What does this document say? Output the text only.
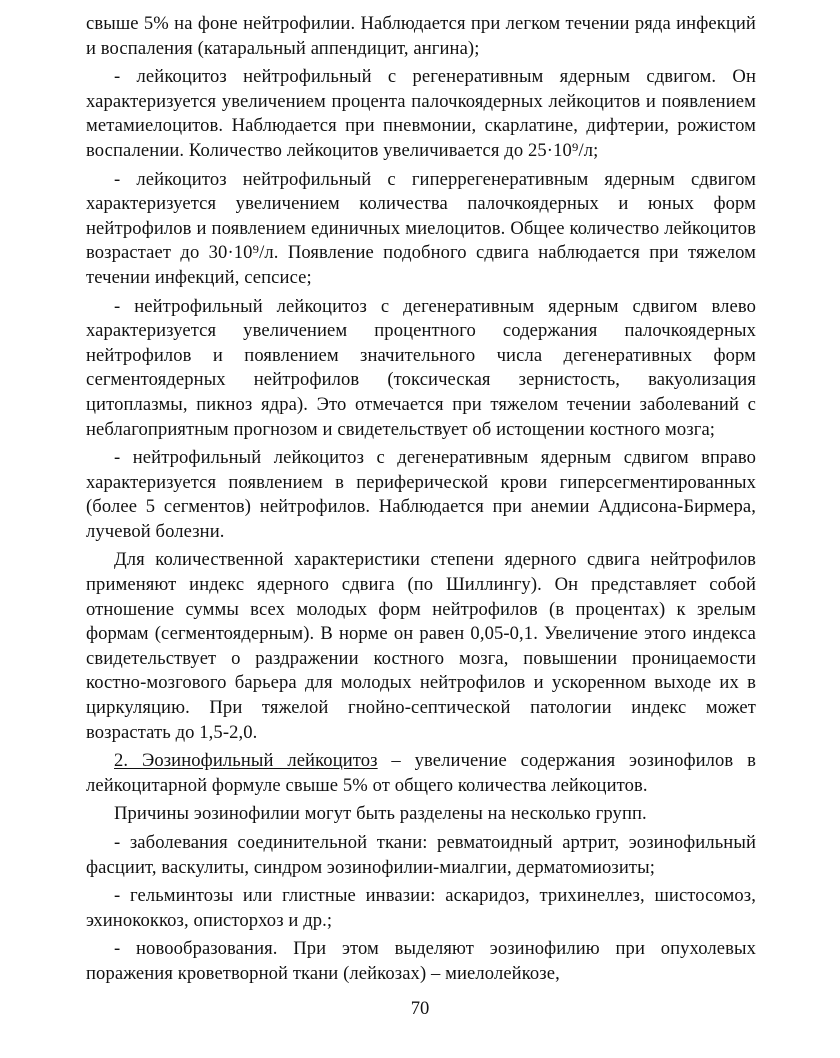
свыше 5% на фоне нейтрофилии. Наблюдается при легком течении ряда инфекций и воспаления (катаральный аппендицит, ангина);

- лейкоцитоз нейтрофильный с регенеративным ядерным сдвигом. Он характеризуется увеличением процента палочкоядерных лейкоцитов и появлением метамиелоцитов. Наблюдается при пневмонии, скарлатине, дифтерии, рожистом воспалении. Количество лейкоцитов увеличивается до 25·10⁹/л;

- лейкоцитоз нейтрофильный с гиперрегенеративным ядерным сдвигом характеризуется увеличением количества палочкоядерных и юных форм нейтрофилов и появлением единичных миелоцитов. Общее количество лейкоцитов возрастает до 30·10⁹/л. Появление подобного сдвига наблюдается при тяжелом течении инфекций, сепсисе;

- нейтрофильный лейкоцитоз с дегенеративным ядерным сдвигом влево характеризуется увеличением процентного содержания палочкоядерных нейтрофилов и появлением значительного числа дегенеративных форм сегментоядерных нейтрофилов (токсическая зернистость, вакуолизация цитоплазмы, пикноз ядра). Это отмечается при тяжелом течении заболеваний с неблагоприятным прогнозом и свидетельствует об истощении костного мозга;

- нейтрофильный лейкоцитоз с дегенеративным ядерным сдвигом вправо характеризуется появлением в периферической крови гиперсегментированных (более 5 сегментов) нейтрофилов. Наблюдается при анемии Аддисона-Бирмера, лучевой болезни.

Для количественной характеристики степени ядерного сдвига нейтрофилов применяют индекс ядерного сдвига (по Шиллингу). Он представляет собой отношение суммы всех молодых форм нейтрофилов (в процентах) к зрелым формам (сегментоядерным). В норме он равен 0,05-0,1. Увеличение этого индекса свидетельствует о раздражении костного мозга, повышении проницаемости костно-мозгового барьера для молодых нейтрофилов и ускоренном выходе их в циркуляцию. При тяжелой гнойно-септической патологии индекс может возрастать до 1,5-2,0.

2. Эозинофильный лейкоцитоз – увеличение содержания эозинофилов в лейкоцитарной формуле свыше 5% от общего количества лейкоцитов.

Причины эозинофилии могут быть разделены на несколько групп.

- заболевания соединительной ткани: ревматоидный артрит, эозинофильный фасциит, васкулиты, синдром эозинофилии-миалгии, дерматомиозиты;

- гельминтозы или глистные инвазии: аскаридоз, трихинеллез, шистосомоз, эхинококкоз, описторхоз и др.;

- новообразования. При этом выделяют эозинофилию при опухолевых поражения кроветворной ткани (лейкозах) – миелолейкозе,

70
